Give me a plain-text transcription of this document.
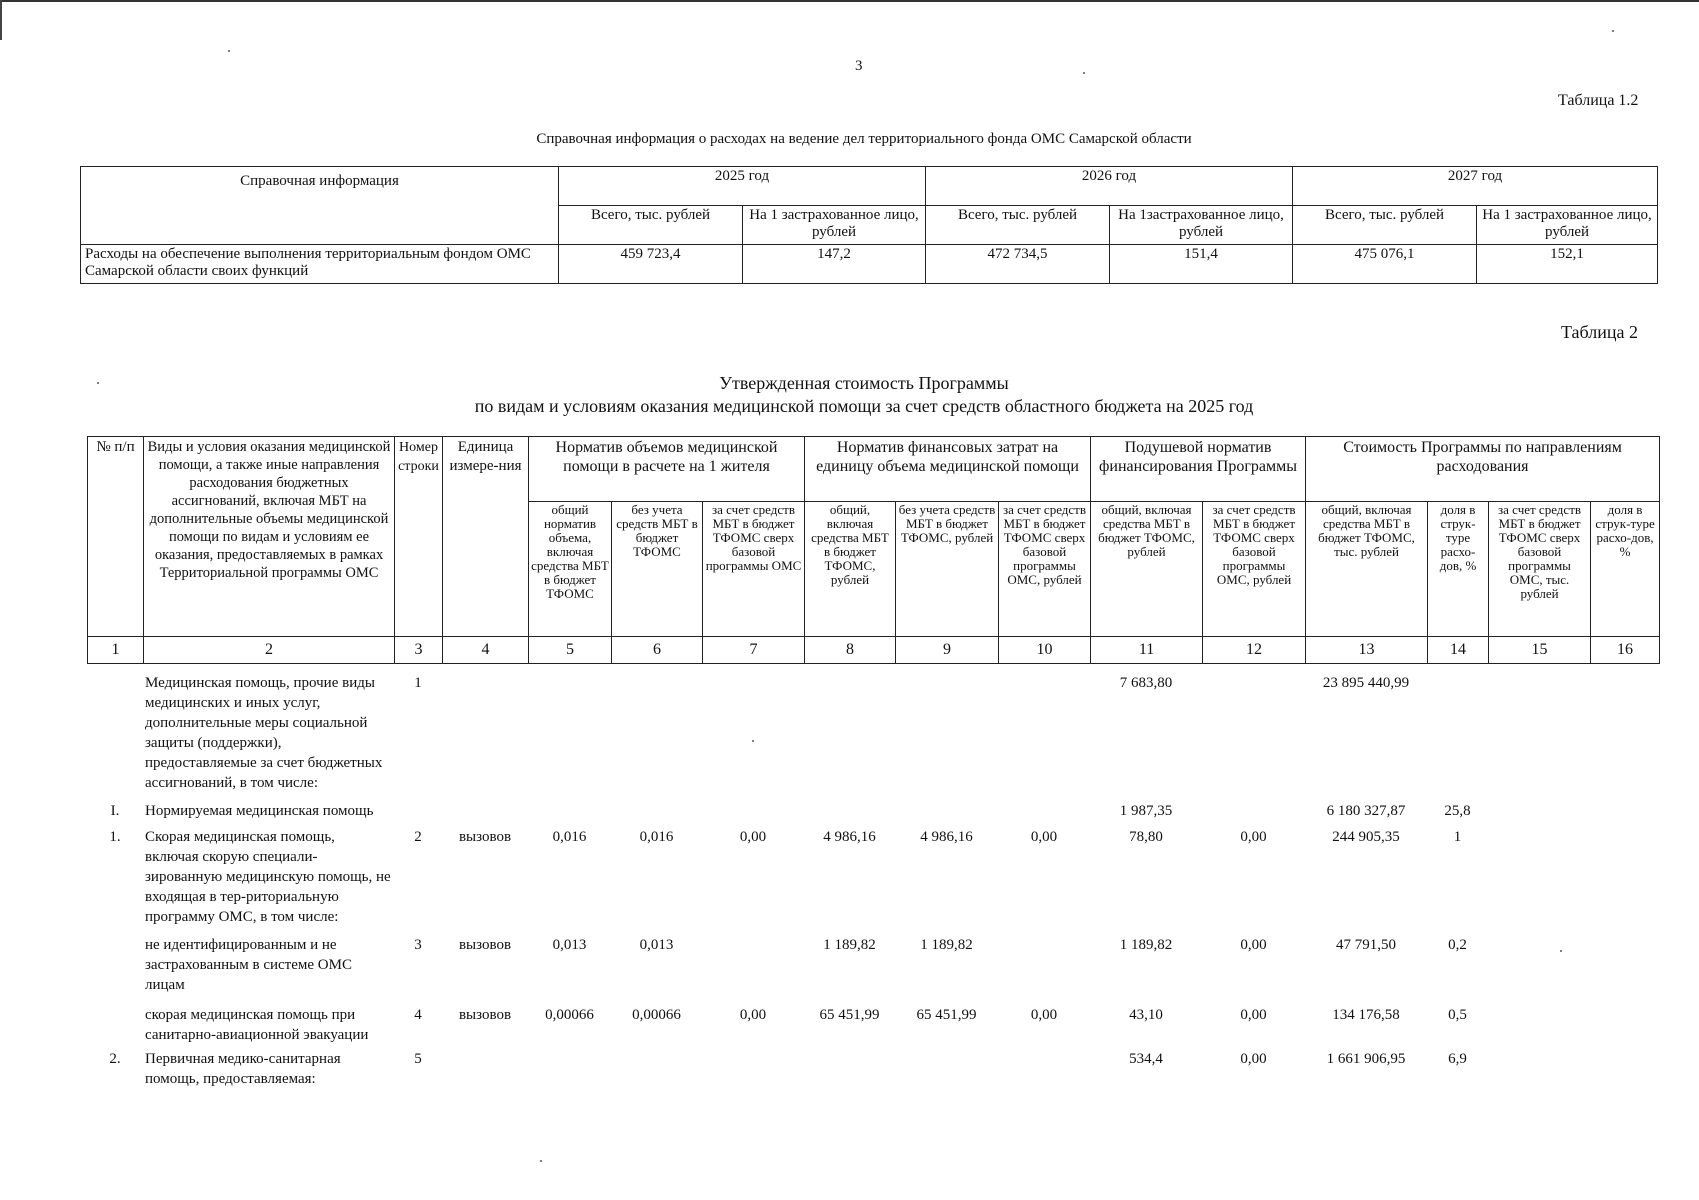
3
Таблица 1.2
Справочная информация о расходах на ведение дел территориального фонда ОМС Самарской области
Справочная информация	2025 год		2026 год		2027 год	
	Всего, тыс. рублей	На 1 застрахованное лицо, рублей	Всего, тыс. рублей	На 1застрахованное лицо, рублей	Всего, тыс. рублей	На 1 застрахованное лицо, рублей
Расходы на обеспечение выполнения территориальным фондом ОМС Самарской области своих функций	459 723,4	147,2	472 734,5	151,4	475 076,1	152,1
Таблица 2
Утвержденная стоимость Программы
по видам и условиям оказания медицинской помощи за счет средств областного бюджета на 2025 год
№ п/п	Виды и условия оказания медицинской помощи, а также иные направления расходования бюджетных ассигнований, включая МБТ на дополнительные объемы медицинской помощи по видам и условиям ее оказания, предоставляемых в рамках Территориальной программы ОМС	Номер строки	Единица измере-ния	Норматив объемов медицинской помощи в расчете на 1 жителя			Норматив финансовых затрат на единицу объема медицинской помощи			Подушевой норматив финансирования Программы		Стоимость Программы по направлениям расходования			
				общий норматив объема, включая средства МБТ в бюджет ТФОМС	без учета средств МБТ в бюджет ТФОМС	за счет средств МБТ в бюджет ТФОМС сверх базовой программы ОМС	общий, включая средства МБТ в бюджет ТФОМС, рублей	без учета средств МБТ в бюджет ТФОМС, рублей	за счет средств МБТ в бюджет ТФОМС сверх базовой программы ОМС, рублей	общий, включая средства МБТ в бюджет ТФОМС, рублей	за счет средств МБТ в бюджет ТФОМС сверх базовой программы ОМС, рублей	общий, включая средства МБТ в бюджет ТФОМС, тыс. рублей	доля в струк-туре расхо-дов, %	за счет средств МБТ в бюджет ТФОМС сверх базовой программы ОМС, тыс. рублей	доля в струк-туре расхо-дов, %
1	2	3	4	5	6	7	8	9	10	11	12	13	14	15	16
	Медицинская помощь, прочие виды медицинских и иных услуг, дополнительные меры социальной защиты (поддержки), предоставляемые за счет бюджетных ассигнований, в том числе:	1								7 683,80		23 895 440,99			

I.	Нормируемая медицинская помощь									1 987,35		6 180 327,87	25,8		

1.	Скорая медицинская помощь, включая скорую специали-зированную медицинскую помощь, не входящая в тер-риториальную программу ОМС, в том числе:	2	вызовов	0,016	0,016	0,00	4 986,16	4 986,16	0,00	78,80	0,00	244 905,35	1		

	не идентифицированным и не застрахованным в системе ОМС лицам	3	вызовов	0,013	0,013		1 189,82	1 189,82		1 189,82	0,00	47 791,50	0,2		

	скорая медицинская помощь при санитарно-авиационной эвакуации	4	вызовов	0,00066	0,00066	0,00	65 451,99	65 451,99	0,00	43,10	0,00	134 176,58	0,5		

2.	Первичная медико-санитарная помощь, предоставляемая:	5								534,4	0,00	1 661 906,95	6,9		
